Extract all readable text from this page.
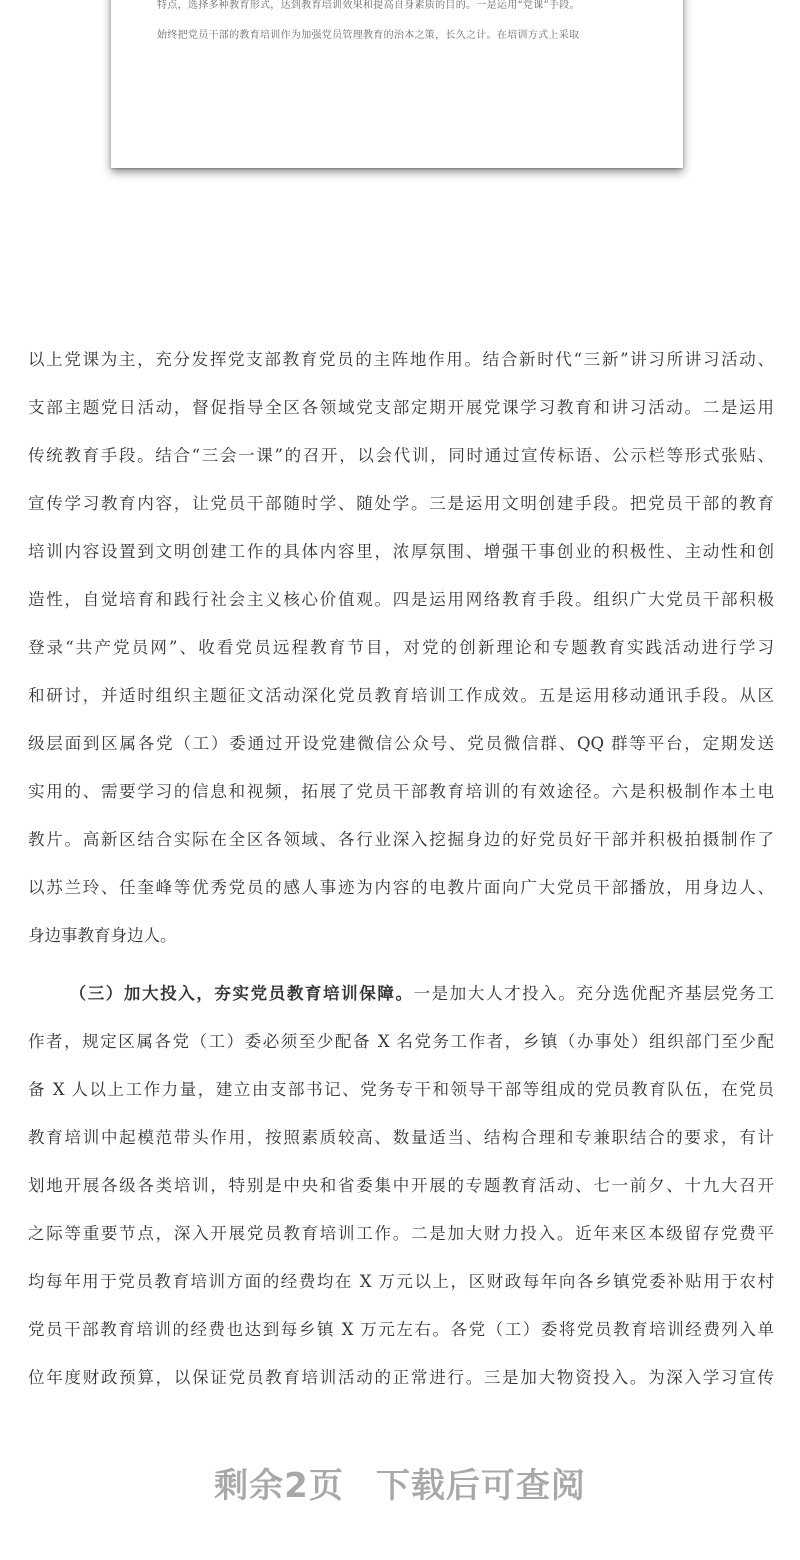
特点，选择多种教育形式，达到教育培训效果和提高自身素质的目的。一是运用“党课”手段。
始终把党员干部的教育培训作为加强党员管理教育的治本之策，长久之计。在培训方式上采取
以上党课为主，充分发挥党支部教育党员的主阵地作用。结合新时代“三新”讲习所讲习活动、
支部主题党日活动，督促指导全区各领域党支部定期开展党课学习教育和讲习活动。二是运用
传统教育手段。结合“三会一课”的召开，以会代训，同时通过宣传标语、公示栏等形式张贴、
宣传学习教育内容，让党员干部随时学、随处学。三是运用文明创建手段。把党员干部的教育
培训内容设置到文明创建工作的具体内容里，浓厚氛围、增强干事创业的积极性、主动性和创
造性，自觉培育和践行社会主义核心价值观。四是运用网络教育手段。组织广大党员干部积极
登录“共产党员网”、收看党员远程教育节目，对党的创新理论和专题教育实践活动进行学习
和研讨，并适时组织主题征文活动深化党员教育培训工作成效。五是运用移动通讯手段。从区
级层面到区属各党（工）委通过开设党建微信公众号、党员微信群、QQ 群等平台，定期发送
实用的、需要学习的信息和视频，拓展了党员干部教育培训的有效途径。六是积极制作本土电
教片。高新区结合实际在全区各领域、各行业深入挖掘身边的好党员好干部并积极拍摄制作了
以苏兰玲、任奎峰等优秀党员的感人事迹为内容的电教片面向广大党员干部播放，用身边人、
身边事教育身边人。
（三）加大投入，夯实党员教育培训保障。一是加大人才投入。充分选优配齐基层党务工
作者，规定区属各党（工）委必须至少配备 X 名党务工作者，乡镇（办事处）组织部门至少配
备 X 人以上工作力量，建立由支部书记、党务专干和领导干部等组成的党员教育队伍，在党员
教育培训中起模范带头作用，按照素质较高、数量适当、结构合理和专兼职结合的要求，有计
划地开展各级各类培训，特别是中央和省委集中开展的专题教育活动、七一前夕、十九大召开
之际等重要节点，深入开展党员教育培训工作。二是加大财力投入。近年来区本级留存党费平
均每年用于党员教育培训方面的经费均在 X 万元以上，区财政每年向各乡镇党委补贴用于农村
党员干部教育培训的经费也达到每乡镇 X 万元左右。各党（工）委将党员教育培训经费列入单
位年度财政预算，以保证党员教育培训活动的正常进行。三是加大物资投入。为深入学习宣传
剩余2页 下载后可查阅
